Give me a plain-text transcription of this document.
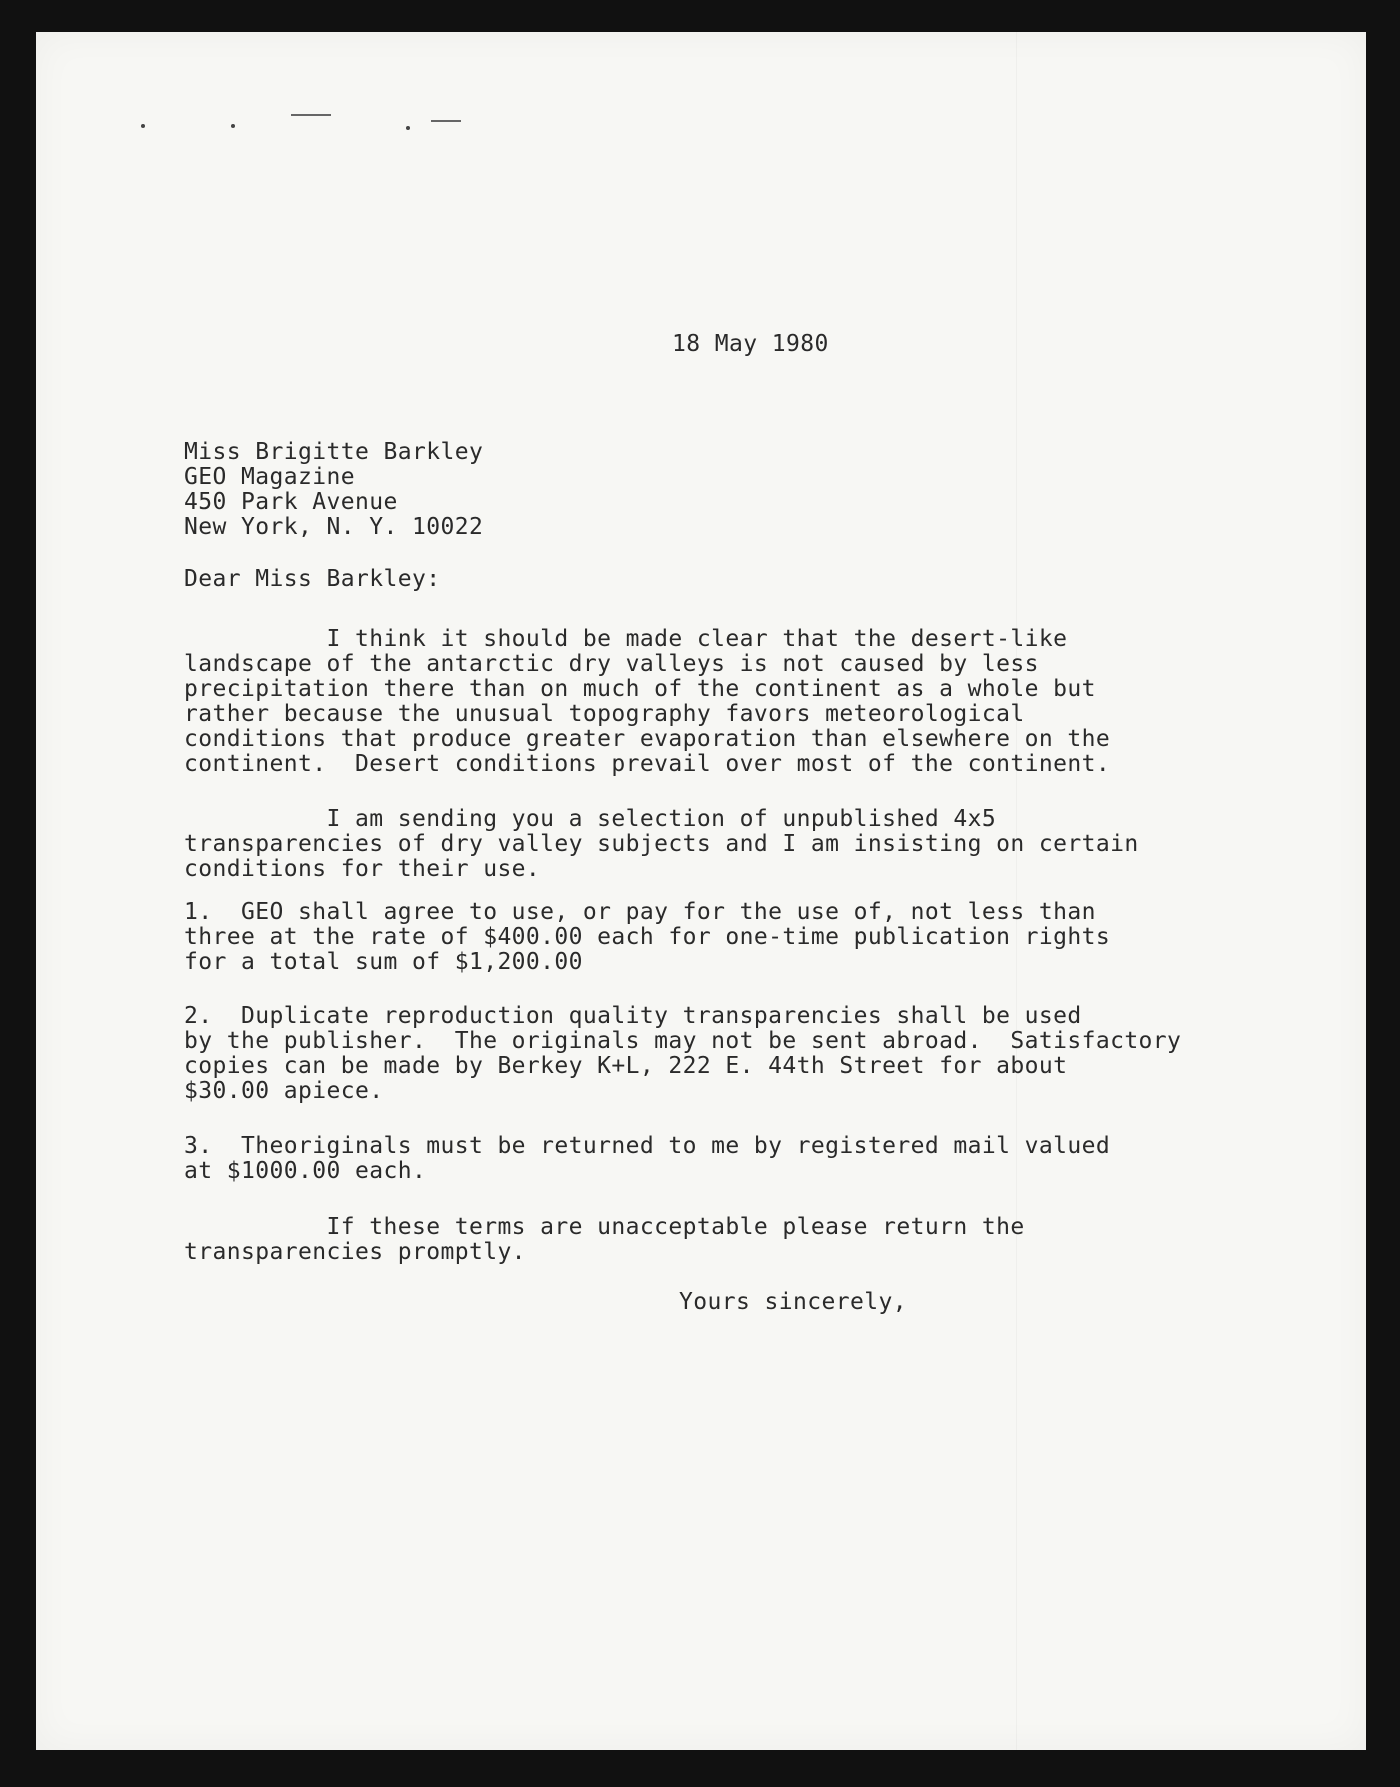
18 May 1980
Miss Brigitte Barkley
GEO Magazine
450 Park Avenue
New York, N. Y. 10022
Dear Miss Barkley:
I think it should be made clear that the desert-like
landscape of the antarctic dry valleys is not caused by less
precipitation there than on much of the continent as a whole but
rather because the unusual topography favors meteorological
conditions that produce greater evaporation than elsewhere on the
continent.  Desert conditions prevail over most of the continent.
I am sending you a selection of unpublished 4x5
transparencies of dry valley subjects and I am insisting on certain
conditions for their use.
1.  GEO shall agree to use, or pay for the use of, not less than
three at the rate of $400.00 each for one-time publication rights
for a total sum of $1,200.00
2.  Duplicate reproduction quality transparencies shall be used
by the publisher.  The originals may not be sent abroad.  Satisfactory
copies can be made by Berkey K+L, 222 E. 44th Street for about
$30.00 apiece.
3.  Theoriginals must be returned to me by registered mail valued
at $1000.00 each.
If these terms are unacceptable please return the
transparencies promptly.
Yours sincerely,
